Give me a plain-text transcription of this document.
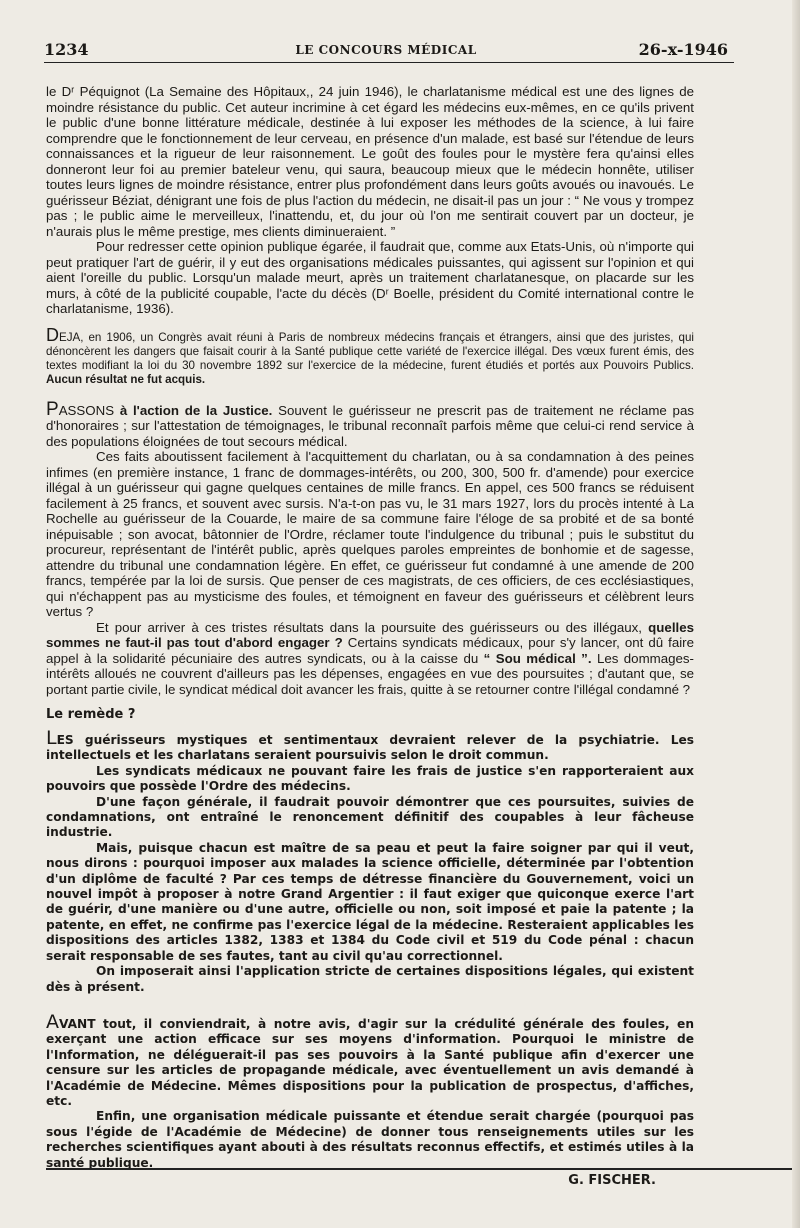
1234	LE CONCOURS MÉDICAL	26-x-1946

le Dʳ Péquignot (La Semaine des Hôpitaux,, 24 juin 1946), le charlatanisme médical est une des lignes de moindre résistance du public. Cet auteur incrimine à cet égard les médecins eux-mêmes, en ce qu'ils privent le public d'une bonne littérature médicale, destinée à lui exposer les méthodes de la science, à lui faire comprendre que le fonctionnement de leur cerveau, en présence d'un malade, est basé sur l'étendue de leurs connaissances et la rigueur de leur raisonnement. Le goût des foules pour le mystère fera qu'ainsi elles donneront leur foi au premier bateleur venu, qui saura, beaucoup mieux que le médecin honnête, utiliser toutes leurs lignes de moindre résistance, entrer plus profondément dans leurs goûts avoués ou inavoués. Le guérisseur Béziat, dénigrant une fois de plus l'action du médecin, ne disait-il pas un jour : “ Ne vous y trompez pas ; le public aime le merveilleux, l'inattendu, et, du jour où l'on me sentirait couvert par un docteur, je n'aurais plus le même prestige, mes clients diminueraient. ”

Pour redresser cette opinion publique égarée, il faudrait que, comme aux Etats-Unis, où n'importe qui peut pratiquer l'art de guérir, il y eut des organisations médicales puissantes, qui agissent sur l'opinion et qui aient l'oreille du public. Lorsqu'un malade meurt, après un traitement charlatanesque, on placarde sur les murs, à côté de la publicité coupable, l'acte du décès (Dʳ Boelle, président du Comité international contre le charlatanisme, 1936).

DEJA, en 1906, un Congrès avait réuni à Paris de nombreux médecins français et étrangers, ainsi que des juristes, qui dénoncèrent les dangers que faisait courir à la Santé publique cette variété de l'exercice illégal. Des vœux furent émis, des textes modifiant la loi du 30 novembre 1892 sur l'exercice de la médecine, furent étudiés et portés aux Pouvoirs Publics. Aucun résultat ne fut acquis.

PASSONS à l'action de la Justice. Souvent le guérisseur ne prescrit pas de traitement ne réclame pas d'honoraires ; sur l'attestation de témoignages, le tribunal reconnaît parfois même que celui-ci rend service à des populations éloignées de tout secours médical.

Ces faits aboutissent facilement à l'acquittement du charlatan, ou à sa condamnation à des peines infimes (en première instance, 1 franc de dommages-intérêts, ou 200, 300, 500 fr. d'amende) pour exercice illégal à un guérisseur qui gagne quelques centaines de mille francs. En appel, ces 500 francs se réduisent facilement à 25 francs, et souvent avec sursis. N'a-t-on pas vu, le 31 mars 1927, lors du procès intenté à La Rochelle au guérisseur de la Couarde, le maire de sa commune faire l'éloge de sa probité et de sa bonté inépuisable ; son avocat, bâtonnier de l'Ordre, réclamer toute l'indulgence du tribunal ; puis le substitut du procureur, représentant de l'intérêt public, après quelques paroles empreintes de bonhomie et de sagesse, attendre du tribunal une condamnation légère. En effet, ce guérisseur fut condamné à une amende de 200 francs, tempérée par la loi de sursis. Que penser de ces magistrats, de ces officiers, de ces ecclésiastiques, qui n'échappent pas au mysticisme des foules, et témoignent en faveur des guérisseurs et célèbrent leurs vertus ?

Et pour arriver à ces tristes résultats dans la poursuite des guérisseurs ou des illégaux, quelles sommes ne faut-il pas tout d'abord engager ? Certains syndicats médicaux, pour s'y lancer, ont dû faire appel à la solidarité pécuniaire des autres syndicats, ou à la caisse du “ Sou médical ”. Les dommages-intérêts alloués ne couvrent d'ailleurs pas les dépenses, engagées en vue des poursuites ; d'autant que, se portant partie civile, le syndicat médical doit avancer les frais, quitte à se retourner contre l'illégal condamné ?

Le remède ?

LES guérisseurs mystiques et sentimentaux devraient relever de la psychiatrie. Les intellectuels et les charlatans seraient poursuivis selon le droit commun.

Les syndicats médicaux ne pouvant faire les frais de justice s'en rapporteraient aux pouvoirs que possède l'Ordre des médecins.

D'une façon générale, il faudrait pouvoir démontrer que ces poursuites, suivies de condamnations, ont entraîné le renoncement définitif des coupables à leur fâcheuse industrie.

Mais, puisque chacun est maître de sa peau et peut la faire soigner par qui il veut, nous dirons : pourquoi imposer aux malades la science officielle, déterminée par l'obtention d'un diplôme de faculté ? Par ces temps de détresse financière du Gouvernement, voici un nouvel impôt à proposer à notre Grand Argentier : il faut exiger que quiconque exerce l'art de guérir, d'une manière ou d'une autre, officielle ou non, soit imposé et paie la patente ; la patente, en effet, ne confirme pas l'exercice légal de la médecine. Resteraient applicables les dispositions des articles 1382, 1383 et 1384 du Code civil et 519 du Code pénal : chacun serait responsable de ses fautes, tant au civil qu'au correctionnel.

On imposerait ainsi l'application stricte de certaines dispositions légales, qui existent dès à présent.

AVANT tout, il conviendrait, à notre avis, d'agir sur la crédulité générale des foules, en exerçant une action efficace sur ses moyens d'information. Pourquoi le ministre de l'Information, ne déléguerait-il pas ses pouvoirs à la Santé publique afin d'exercer une censure sur les articles de propagande médicale, avec éventuellement un avis demandé à l'Académie de Médecine. Mêmes dispositions pour la publication de prospectus, d'affiches, etc.

Enfin, une organisation médicale puissante et étendue serait chargée (pourquoi pas sous l'égide de l'Académie de Médecine) de donner tous renseignements utiles sur les recherches scientifiques ayant abouti à des résultats reconnus effectifs, et estimés utiles à la santé publique.

G. FISCHER.
